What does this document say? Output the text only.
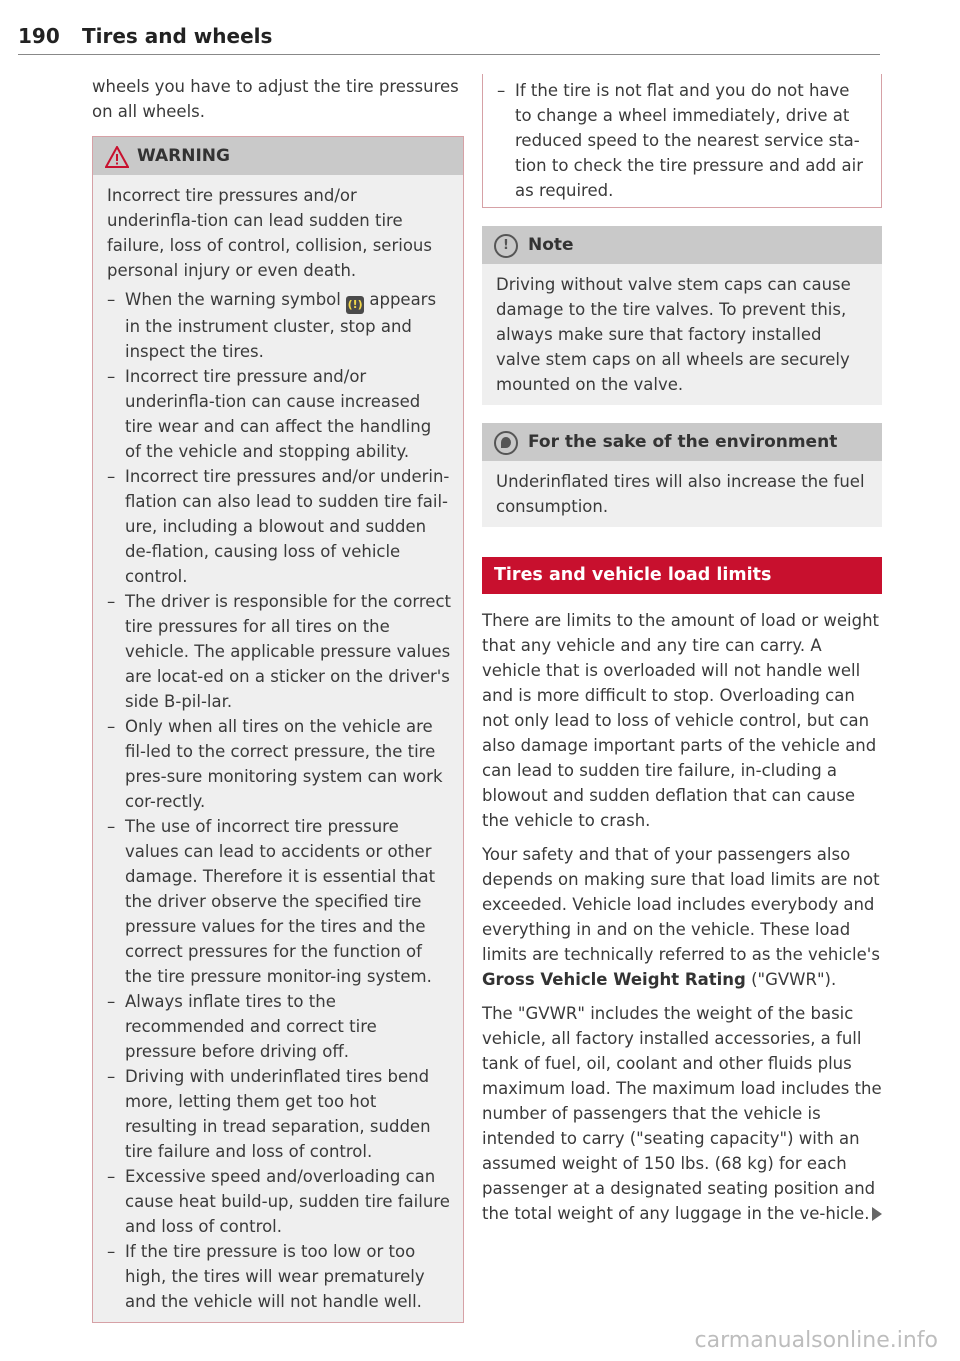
190 Tires and wheels

wheels you have to adjust the tire pressures on all wheels.

WARNING
Incorrect tire pressures and/or underinfla-tion can lead sudden tire failure, loss of control, collision, serious personal injury or even death.
– When the warning symbol (!) appears in the instrument cluster, stop and inspect the tires.
– Incorrect tire pressure and/or underinfla-tion can cause increased tire wear and can affect the handling of the vehicle and stopping ability.
– Incorrect tire pressures and/or underin-flation can also lead to sudden tire fail-ure, including a blowout and sudden de-flation, causing loss of vehicle control.
– The driver is responsible for the correct tire pressures for all tires on the vehicle. The applicable pressure values are locat-ed on a sticker on the driver's side B-pil-lar.
– Only when all tires on the vehicle are fil-led to the correct pressure, the tire pres-sure monitoring system can work cor-rectly.
– The use of incorrect tire pressure values can lead to accidents or other damage. Therefore it is essential that the driver observe the specified tire pressure values for the tires and the correct pressures for the function of the tire pressure monitor-ing system.
– Always inflate tires to the recommended and correct tire pressure before driving off.
– Driving with underinflated tires bend more, letting them get too hot resulting in tread separation, sudden tire failure and loss of control.
– Excessive speed and/overloading can cause heat build-up, sudden tire failure and loss of control.
– If the tire pressure is too low or too high, the tires will wear prematurely and the vehicle will not handle well.
– If the tire is not flat and you do not have to change a wheel immediately, drive at reduced speed to the nearest service sta-tion to check the tire pressure and add air as required.
!	Note
Driving without valve stem caps can cause damage to the tire valves. To prevent this, always make sure that factory installed valve stem caps on all wheels are securely mounted on the valve.
For the sake of the environment
Underinflated tires will also increase the fuel consumption.
Tires and vehicle load limits

There are limits to the amount of load or weight that any vehicle and any tire can carry. A vehicle that is overloaded will not handle well and is more difficult to stop. Overloading can not only lead to loss of vehicle control, but can also damage important parts of the vehicle and can lead to sudden tire failure, in-cluding a blowout and sudden deflation that can cause the vehicle to crash.

Your safety and that of your passengers also depends on making sure that load limits are not exceeded. Vehicle load includes everybody and everything in and on the vehicle. These load limits are technically referred to as the vehicle's Gross Vehicle Weight Rating ("GVWR").

The "GVWR" includes the weight of the basic vehicle, all factory installed accessories, a full tank of fuel, oil, coolant and other fluids plus maximum load. The maximum load includes the number of passengers that the vehicle is intended to carry ("seating capacity") with an assumed weight of 150 lbs. (68 kg) for each passenger at a designated seating position and the total weight of any luggage in the ve-hicle.

carmanualsonline.info
